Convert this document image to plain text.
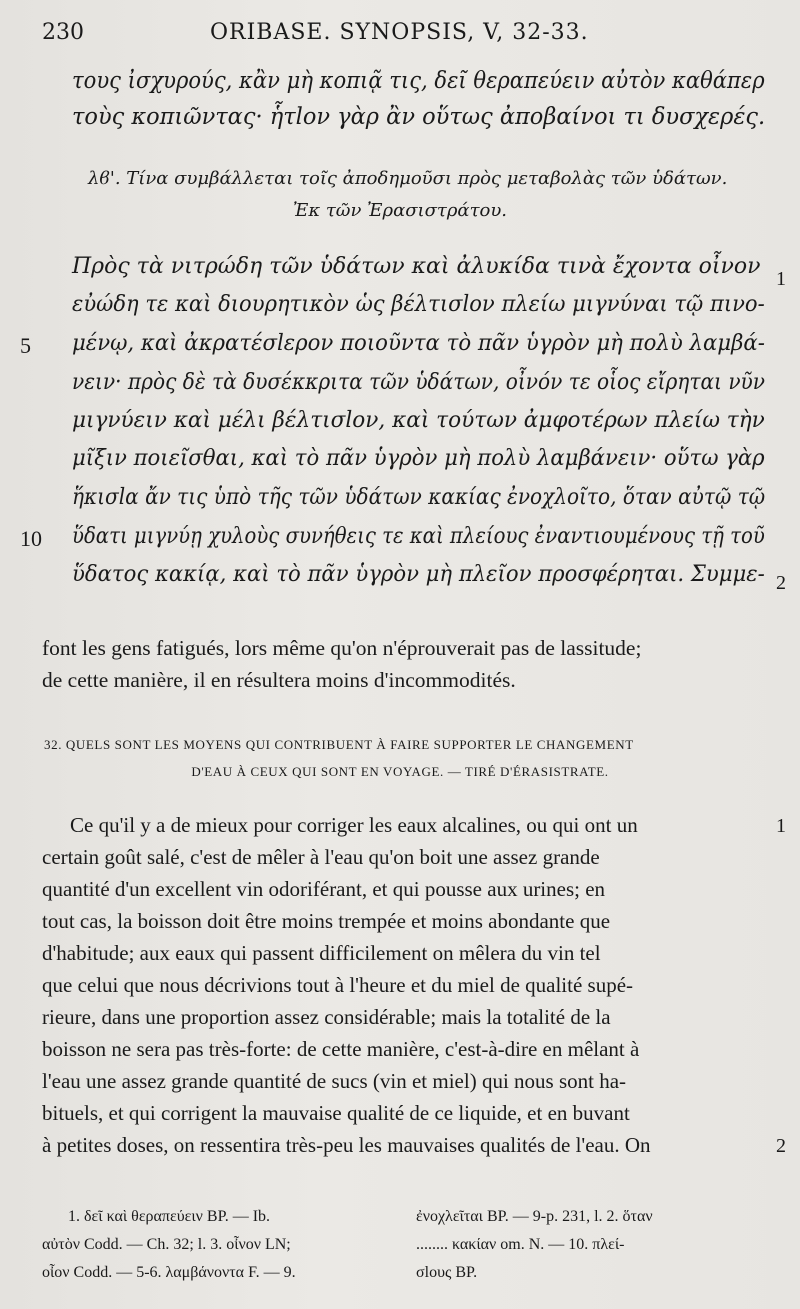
230	ORIBASE. SYNOPSIS, V, 32-33.
τους ἰσχυρούς, κἂν μὴ κοπιᾷ τις, δεῖ θεραπεύειν αὐτὸν καθάπερ
τοὺς κοπιῶντας· ἧτlον γὰρ ἂν οὕτως ἀποβαίνοι τι δυσχερές.
λϐ'. Τίνα συμβάλλεται τοῖς ἀποδημοῦσι πρὸς μεταβολὰς τῶν ὑδάτων.
Ἐκ τῶν Ἐρασιστράτου.
Πρὸς τὰ νιτρώδη τῶν ὑδάτων καὶ ἀλυκίδα τινὰ ἔχοντα οἶνον
εὐώδη τε καὶ διουρητικὸν ὡς βέλτισlον πλείω μιγνύναι τῷ πινο-
μένῳ, καὶ ἀκρατέσlερον ποιοῦντα τὸ πᾶν ὑγρὸν μὴ πολὺ λαμβά-
νειν· πρὸς δὲ τὰ δυσέκκριτα τῶν ὑδάτων, οἶνόν τε οἷος εἴρηται νῦν
μιγνύειν καὶ μέλι βέλτισlον, καὶ τούτων ἀμφοτέρων πλείω τὴν
μῖξιν ποιεῖσθαι, καὶ τὸ πᾶν ὑγρὸν μὴ πολὺ λαμβάνειν· οὕτω γὰρ
ἥκισlα ἄν τις ὑπὸ τῆς τῶν ὑδάτων κακίας ἐνοχλοῖτο, ὅταν αὐτῷ τῷ
ὕδατι μιγνύῃ χυλοὺς συνήθεις τε καὶ πλείους ἐναντιουμένους τῇ τοῦ
ὕδατος κακίᾳ, καὶ τὸ πᾶν ὑγρὸν μὴ πλεῖον προσφέρηται. Συμμε-
5
10
1
2
font les gens fatigués, lors même qu'on n'éprouverait pas de lassitude;
de cette manière, il en résultera moins d'incommodités.
32. QUELS SONT LES MOYENS QUI CONTRIBUENT À FAIRE SUPPORTER LE CHANGEMENT
D'EAU À CEUX QUI SONT EN VOYAGE. — TIRÉ D'ÉRASISTRATE.
Ce qu'il y a de mieux pour corriger les eaux alcalines, ou qui ont un
certain goût salé, c'est de mêler à l'eau qu'on boit une assez grande
quantité d'un excellent vin odoriférant, et qui pousse aux urines; en
tout cas, la boisson doit être moins trempée et moins abondante que
d'habitude; aux eaux qui passent difficilement on mêlera du vin tel
que celui que nous décrivions tout à l'heure et du miel de qualité supé-
rieure, dans une proportion assez considérable; mais la totalité de la
boisson ne sera pas très-forte: de cette manière, c'est-à-dire en mêlant à
l'eau une assez grande quantité de sucs (vin et miel) qui nous sont ha-
bituels, et qui corrigent la mauvaise qualité de ce liquide, et en buvant
à petites doses, on ressentira très-peu les mauvaises qualités de l'eau. On
1
2
1. δεῖ καὶ θεραπεύειν BP. — Ib.
αὐτὸν Codd. — Ch. 32; l. 3. οἶνον LN;
οἶον Codd. — 5-6. λαμβάνοντα F. — 9.
ἐνοχλεῖται BP. — 9-p. 231, l. 2. ὅταν
........ κακίαν om. N. — 10. πλεί-
σlους BP.
